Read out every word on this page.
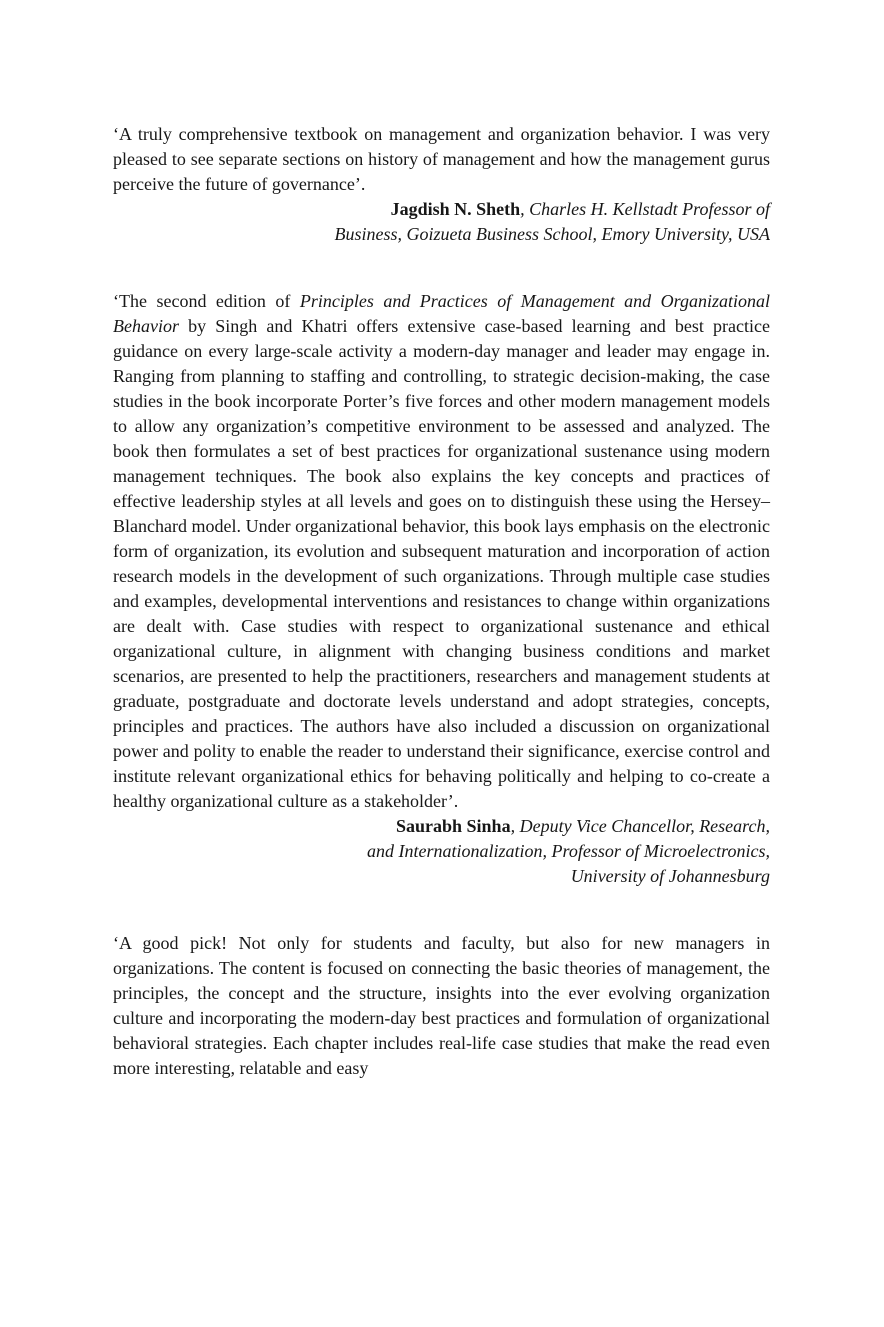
‘A truly comprehensive textbook on management and organization behavior. I was very pleased to see separate sections on history of management and how the management gurus perceive the future of governance’.

Jagdish N. Sheth, Charles H. Kellstadt Professor of
Business, Goizueta Business School, Emory University, USA

‘The second edition of Principles and Practices of Management and Organizational Behavior by Singh and Khatri offers extensive case-based learning and best practice guidance on every large-scale activity a modern-day manager and leader may engage in. Ranging from planning to staffing and controlling, to strategic decision-making, the case studies in the book incorporate Porter’s five forces and other modern management models to allow any organization’s competitive environment to be assessed and analyzed. The book then formulates a set of best practices for organizational sustenance using modern management techniques. The book also explains the key concepts and practices of effective leadership styles at all levels and goes on to distinguish these using the Hersey–Blanchard model. Under organizational behavior, this book lays emphasis on the electronic form of organization, its evolution and subsequent maturation and incorporation of action research models in the development of such organizations. Through multiple case studies and examples, developmental interventions and resistances to change within organizations are dealt with. Case studies with respect to organizational sustenance and ethical organizational culture, in alignment with changing business conditions and market scenarios, are presented to help the practitioners, researchers and management students at graduate, postgraduate and doctorate levels understand and adopt strategies, concepts, principles and practices. The authors have also included a discussion on organizational power and polity to enable the reader to understand their significance, exercise control and institute relevant organizational ethics for behaving politically and helping to co-create a healthy organizational culture as a stakeholder’.

Saurabh Sinha, Deputy Vice Chancellor, Research,
and Internationalization, Professor of Microelectronics,
University of Johannesburg

‘A good pick! Not only for students and faculty, but also for new managers in organizations. The content is focused on connecting the basic theories of management, the principles, the concept and the structure, insights into the ever evolving organization culture and incorporating the modern-day best practices and formulation of organizational behavioral strategies. Each chapter includes real-life case studies that make the read even more interesting, relatable and easy
